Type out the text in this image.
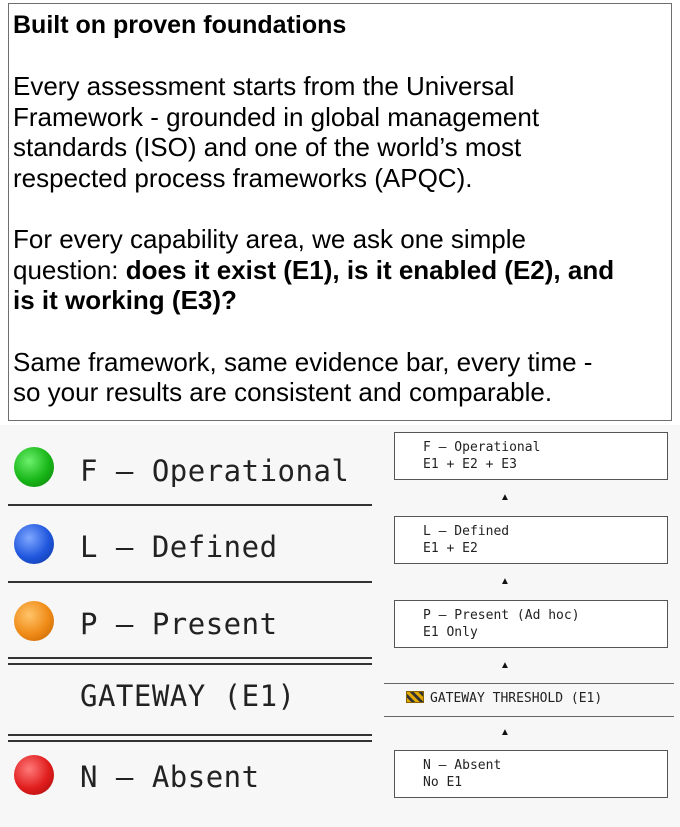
Built on proven foundations

Every assessment starts from the Universal
Framework - grounded in global management
standards (ISO) and one of the world’s most
respected process frameworks (APQC).

For every capability area, we ask one simple
question: does it exist (E1), is it enabled (E2), and
is it working (E3)?

Same framework, same evidence bar, every time -
so your results are consistent and comparable.

F – Operational
L – Defined
P – Present
GATEWAY (E1)
N – Absent
F – Operational
E1 + E2 + E3
▲
L – Defined
E1 + E2
▲
P – Present (Ad hoc)
E1 Only
▲
GATEWAY THRESHOLD (E1)
▲
N – Absent
No E1
